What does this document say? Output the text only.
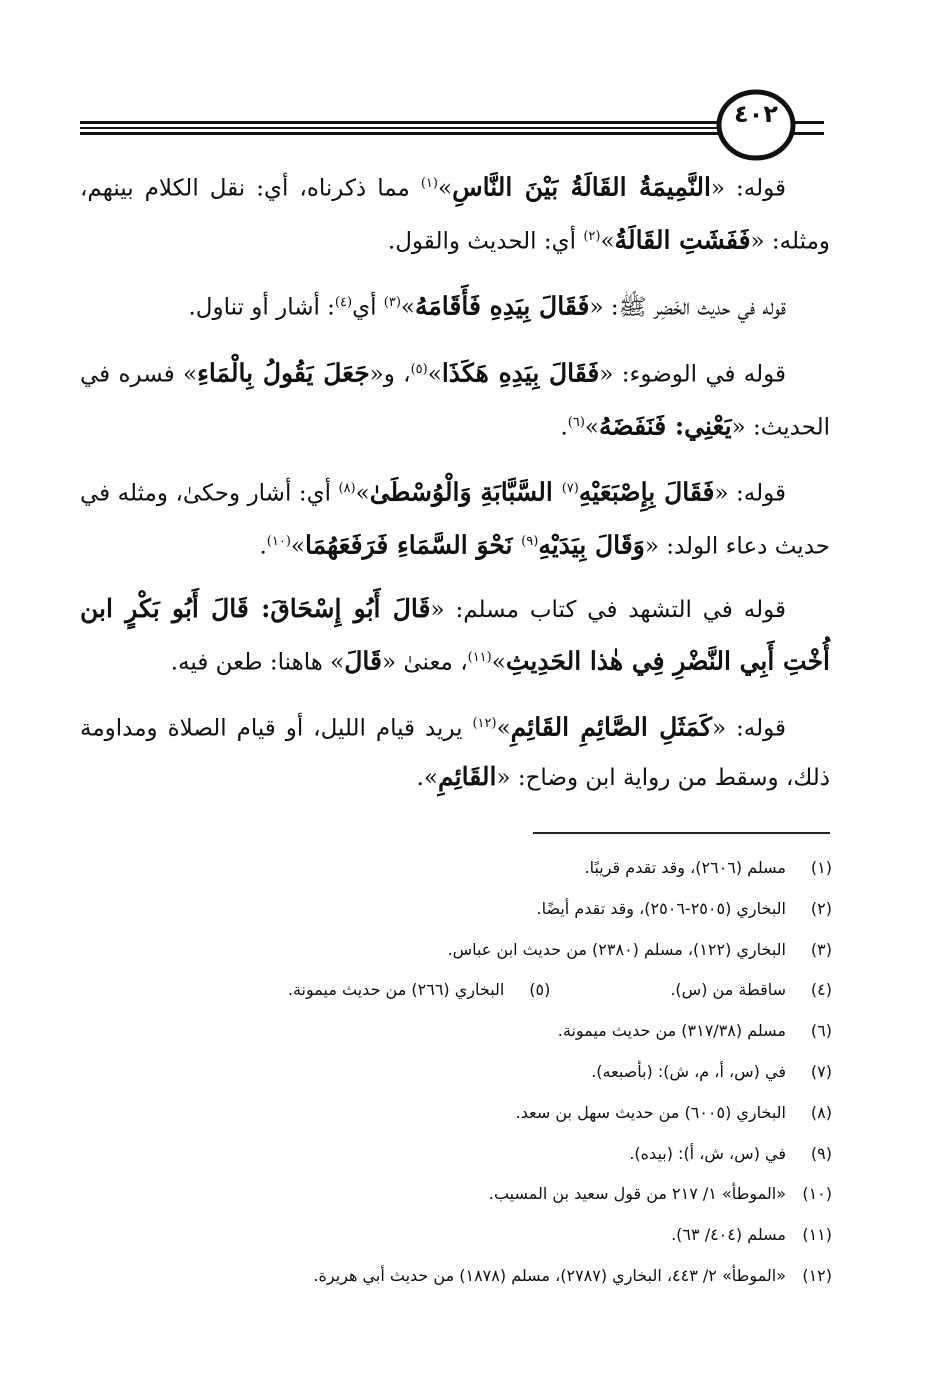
٤٠٢

قوله: «النَّمِيمَةُ القَالَةُ بَيْنَ النَّاسِ»$^{(١)}$ مما ذكرناه، أي: نقل الكلام بينهم، ومثله: «فَفَشَتِ القَالَةُ»$^{(٢)}$ أي: الحديث والقول.

قوله في حديث الخَضِر ﷺ: «فَقَالَ بِيَدِهِ فَأَقَامَهُ»$^{(٣)}$ أي$^{(٤)}$: أشار أو تناول.

قوله في الوضوء: «فَقَالَ بِيَدِهِ هَكَذَا»$^{(٥)}$، و«جَعَلَ يَقُولُ بِالْمَاءِ» فسره في الحديث: «يَعْنِي: فَنَفَضَهُ»$^{(٦)}$.

قوله: «فَقَالَ بِإِصْبَعَيْهِ$^{(٧)}$ السَّبَّابَةِ وَالْوُسْطَىٰ»$^{(٨)}$ أي: أشار وحكىٰ، ومثله في حديث دعاء الولد: «وَقَالَ بِيَدَيْهِ$^{(٩)}$ نَحْوَ السَّمَاءِ فَرَفَعَهُمَا»$^{(١٠)}$.

قوله في التشهد في كتاب مسلم: «قَالَ أَبُو إِسْحَاقَ: قَالَ أَبُو بَكْرٍ ابن أُخْتِ أَبِي النَّضْرِ فِي هٰذا الحَدِيثِ»$^{(١١)}$، معنىٰ «قَالَ» هاهنا: طعن فيه.

قوله: «كَمَثَلِ الصَّائِمِ القَائِمِ»$^{(١٢)}$ يريد قيام الليل، أو قيام الصلاة ومداومة ذلك، وسقط من رواية ابن وضاح: «القَائِمِ».

(١)مسلم (٢٦٠٦)، وقد تقدم قريبًا.
(٢)البخاري (٢٥٠٥-٢٥٠٦)، وقد تقدم أيضًا.
(٣)البخاري (١٢٢)، مسلم (٢٣٨٠) من حديث ابن عباس.
(٤)ساقطة من (س).(٥)البخاري (٢٦٦) من حديث ميمونة.
(٦)مسلم (٣١٧/٣٨) من حديث ميمونة.
(٧)في (س، أ، م، ش): (بأصبعه).
(٨)البخاري (٦٠٠٥) من حديث سهل بن سعد.
(٩)في (س، ش، أ): (بيده).
(١٠)«الموطأ» ١/ ٢١٧ من قول سعيد بن المسيب.
(١١)مسلم (٤٠٤/ ٦٣).
(١٢)«الموطأ» ٢/ ٤٤٣، البخاري (٢٧٨٧)، مسلم (١٨٧٨) من حديث أبي هريرة.
